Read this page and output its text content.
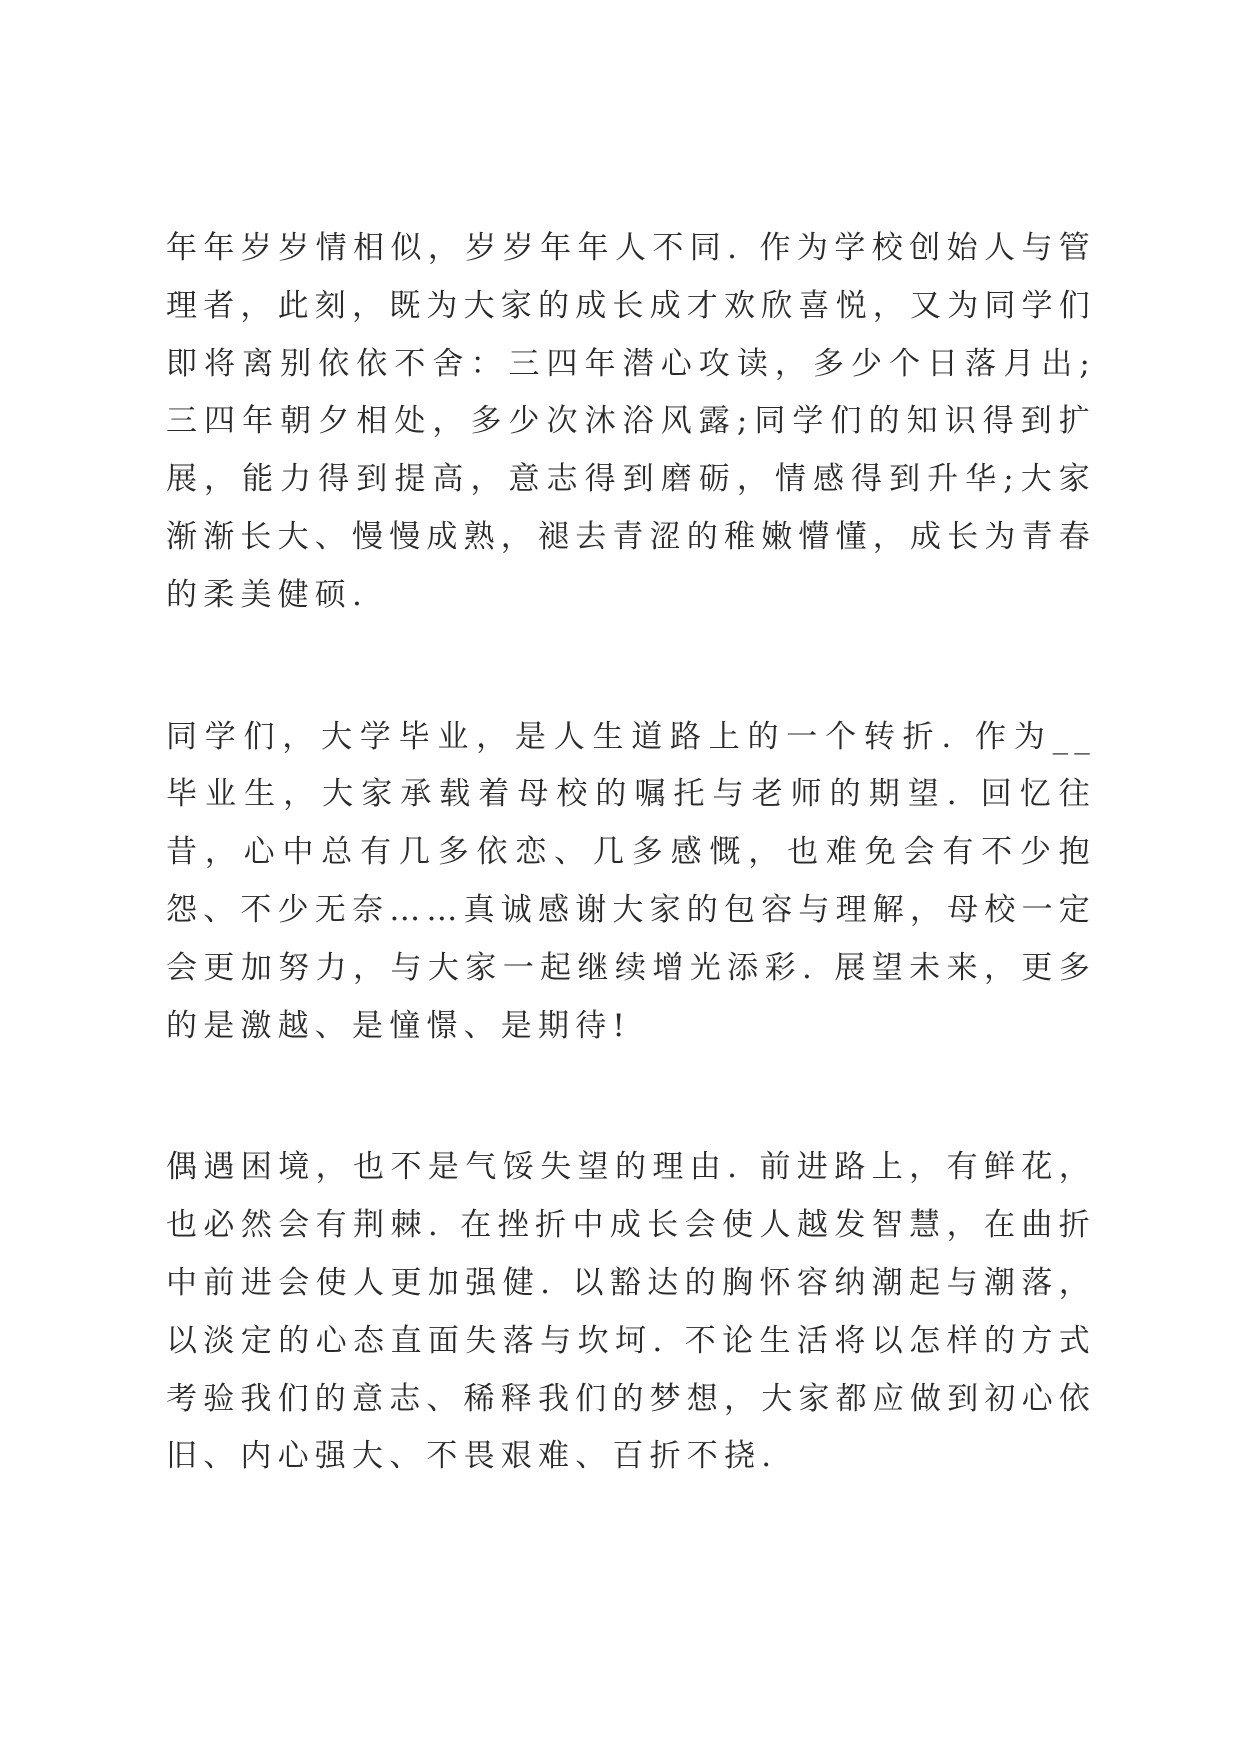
年年岁岁情相似，岁岁年年人不同. 作为学校创始人与管理者，此刻，既为大家的成长成才欢欣喜悦，又为同学们即将离别依依不舍：三四年潜心攻读，多少个日落月出;三四年朝夕相处，多少次沐浴风露;同学们的知识得到扩展，能力得到提高，意志得到磨砺，情感得到升华;大家渐渐长大、慢慢成熟，褪去青涩的稚嫩懵懂，成长为青春的柔美健硕.

同学们，大学毕业，是人生道路上的一个转折. 作为__毕业生，大家承载着母校的嘱托与老师的期望. 回忆往昔，心中总有几多依恋、几多感慨，也难免会有不少抱怨、不少无奈……真诚感谢大家的包容与理解，母校一定会更加努力，与大家一起继续增光添彩. 展望未来，更多的是激越、是憧憬、是期待!

偶遇困境，也不是气馁失望的理由. 前进路上，有鲜花，也必然会有荆棘. 在挫折中成长会使人越发智慧，在曲折中前进会使人更加强健. 以豁达的胸怀容纳潮起与潮落，以淡定的心态直面失落与坎坷. 不论生活将以怎样的方式考验我们的意志、稀释我们的梦想，大家都应做到初心依旧、内心强大、不畏艰难、百折不挠.
